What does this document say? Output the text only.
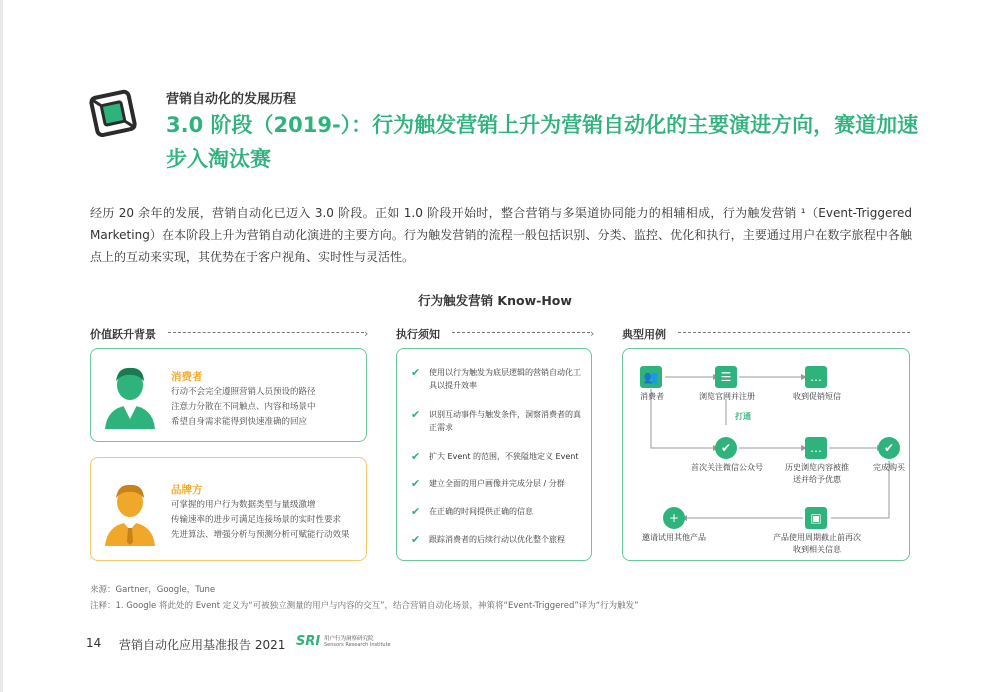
营销自动化的发展历程
3.0 阶段（2019-）：行为触发营销上升为营销自动化的主要演进方向，赛道加速步入淘汰赛
经历 20 余年的发展，营销自动化已迈入 3.0 阶段。正如 1.0 阶段开始时，整合营销与多渠道协同能力的相辅相成，行为触发营销 ¹（Event-Triggered Marketing）在本阶段上升为营销自动化演进的主要方向。行为触发营销的流程一般包括识别、分类、监控、优化和执行，主要通过用户在数字旅程中各触点上的互动来实现，其优势在于客户视角、实时性与灵活性。
行为触发营销 Know-How
价值跃升背景	›	执行须知	›	典型用例
消费者
行动不会完全遵照营销人员预设的路径
注意力分散在不同触点、内容和场景中
希望自身需求能得到快速准确的回应
品牌方
可掌握的用户行为数据类型与量级激增
传输速率的进步可满足连接场景的实时性要求
先进算法、增强分析与预测分析可赋能行动效果
✔ 使用以行为触发为底层逻辑的营销自动化工具以提升效率
✔ 识别互动事件与触发条件，洞察消费者的真正需求
✔ 扩大 Event 的范围，不狭隘地定义 Event
✔ 建立全面的用户画像并完成分层 / 分群
✔ 在正确的时间提供正确的信息
✔ 跟踪消费者的后续行动以优化整个旅程
👥
消费者
☰
浏览官网并注册
…
收到促销短信
打通
✔
首次关注微信公众号
…
历史浏览内容被推送并给予优惠
✔
完成购买
+
邀请试用其他产品
▣
产品使用周期截止前再次收到相关信息
来源：Gartner，Google，Tune
注释：1. Google 将此处的 Event 定义为“可被独立测量的用户与内容的交互”，结合营销自动化场景，神策将“Event-Triggered”译为“行为触发”
14 营销自动化应用基准报告 2021 SRI 用户行为洞察研究院
Sensors Research Institute
